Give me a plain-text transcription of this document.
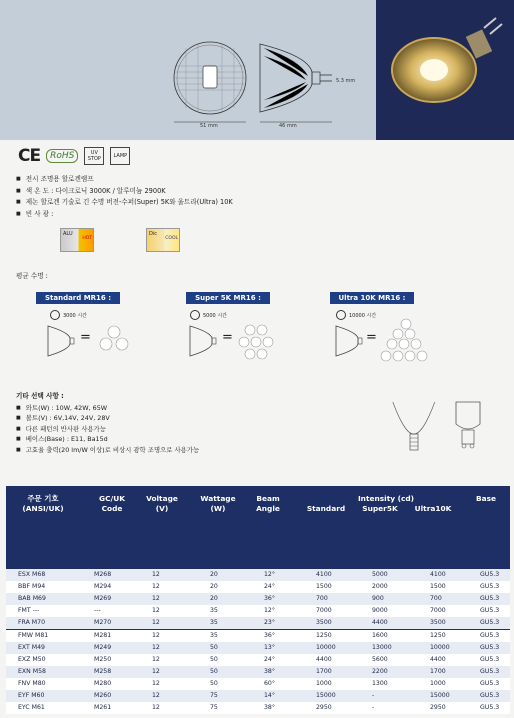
51 mm	46 mm
5.3 mm
CE	RoHS	UV STOP	LAMP
■ 전시 조명용 할로겐램프
■ 색 온 도 : 다이크로닉 3000K / 알루미늄 2900K
■ 제논 할로겐 기술로 긴 수명 버전-수퍼(Super) 5K와 울트라(Ultra) 10K
■ 빈 사 광 :
ALU
HOT
Dic
COOL
평균 수명 :
Standard MR16 :	Super 5K MR16 :	Ultra 10K MR16 :
3000 시간	5000 시간	10000 시간
=	=	=
기타 선택 사항 :
■ 와트(W) : 10W, 42W, 65W
■ 볼트(V) : 6V,14V, 24V, 28V
■ 다른 패턴의 반사판 사용가능
■ 베이스(Base) : E11, Ba15d
■ 고효율 출력(20 lm/W 이상)로 비상시 광학 조명으로 사용가능
주문 기호
(ANSI/UK)
GC/UK
Code
Voltage
(V)
Wattage
(W)
Beam
Angle
Intensity (cd)
Standard	Super5K	Ultra10K
Base
ESX M68	M268	12	20	12°	4100	5000	4100	GU5.3
BBF M94	M294	12	20	24°	1500	2000	1500	GU5.3
BAB M69	M269	12	20	36°	700	900	700	GU5.3
FMT ---	---	12	35	12°	7000	9000	7000	GU5.3
FRA M70	M270	12	35	23°	3500	4400	3500	GU5.3
FMW M81	M281	12	35	36°	1250	1600	1250	GU5.3
EXT M49	M249	12	50	13°	10000	13000	10000	GU5.3
EXZ M50	M250	12	50	24°	4400	5600	4400	GU5.3
EXN M58	M258	12	50	38°	1700	2200	1700	GU5.3
FNV M80	M280	12	50	60°	1000	1300	1000	GU5.3
EYF M60	M260	12	75	14°	15000	-	15000	GU5.3
EYC M61	M261	12	75	38°	2950	-	2950	GU5.3
